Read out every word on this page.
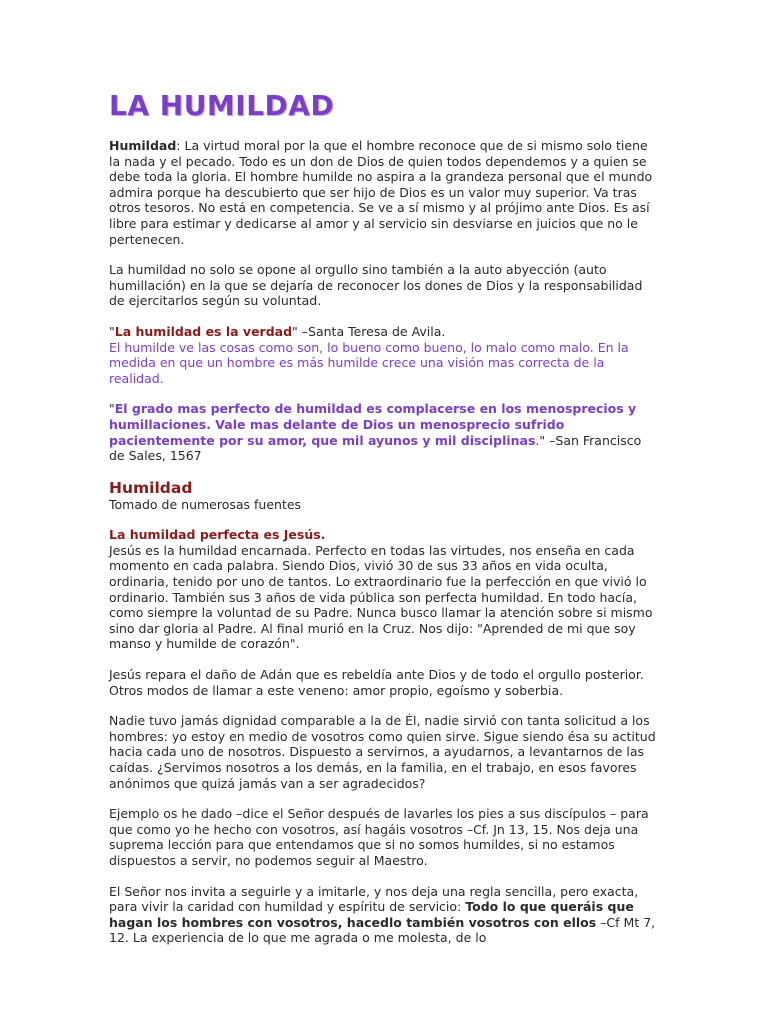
LA HUMILDAD

Humildad: La virtud moral por la que el hombre reconoce que de si mismo solo tiene la nada y el pecado. Todo es un don de Dios de quien todos dependemos y a quien se debe toda la gloria. El hombre humilde no aspira a la grandeza personal que el mundo admira porque ha descubierto que ser hijo de Dios es un valor muy superior. Va tras otros tesoros. No está en competencia. Se ve a sí mismo y al prójimo ante Dios. Es así libre para estimar y dedicarse al amor y al servicio sin desviarse en juicios que no le pertenecen.

La humildad no solo se opone al orgullo sino también a la auto abyección (auto humillación) en la que se dejaría de reconocer los dones de Dios y la responsabilidad de ejercitarlos según su voluntad.

"La humildad es la verdad" –Santa Teresa de Avila.
El humilde ve las cosas como son, lo bueno como bueno, lo malo como malo. En la medida en que un hombre es más humilde crece una visión mas correcta de la realidad.

"El grado mas perfecto de humildad es complacerse en los menosprecios y humillaciones. Vale mas delante de Dios un menosprecio sufrido pacientemente por su amor, que mil ayunos y mil disciplinas." –San Francisco de Sales, 1567

Humildad

Tomado de numerosas fuentes

La humildad perfecta es Jesús.
Jesús es la humildad encarnada. Perfecto en todas las virtudes, nos enseña en cada momento en cada palabra. Siendo Dios, vivió 30 de sus 33 años en vida oculta, ordinaria, tenido por uno de tantos. Lo extraordinario fue la perfección en que vivió lo ordinario. También sus 3 años de vida pública son perfecta humildad. En todo hacía, como siempre la voluntad de su Padre. Nunca busco llamar la atención sobre si mismo sino dar gloria al Padre. Al final murió en la Cruz. Nos dijo: "Aprended de mi que soy manso y humilde de corazón".

Jesús repara el daño de Adán que es rebeldía ante Dios y de todo el orgullo posterior. Otros modos de llamar a este veneno: amor propio, egoísmo y soberbia.

Nadie tuvo jamás dignidad comparable a la de Él, nadie sirvió con tanta solicitud a los hombres: yo estoy en medio de vosotros como quien sirve. Sigue siendo ésa su actitud hacia cada uno de nosotros. Dispuesto a servirnos, a ayudarnos, a levantarnos de las caídas. ¿Servimos nosotros a los demás, en la familia, en el trabajo, en esos favores anónimos que quizá jamás van a ser agradecidos?

Ejemplo os he dado –dice el Señor después de lavarles los pies a sus discípulos – para que como yo he hecho con vosotros, así hagáis vosotros –Cf. Jn 13, 15. Nos deja una suprema lección para que entendamos que si no somos humildes, si no estamos dispuestos a servir, no podemos seguir al Maestro.

El Señor nos invita a seguirle y a imitarle, y nos deja una regla sencilla, pero exacta, para vivir la caridad con humildad y espíritu de servicio: Todo lo que queráis que hagan los hombres con vosotros, hacedlo también vosotros con ellos –Cf Mt 7, 12. La experiencia de lo que me agrada o me molesta, de lo
